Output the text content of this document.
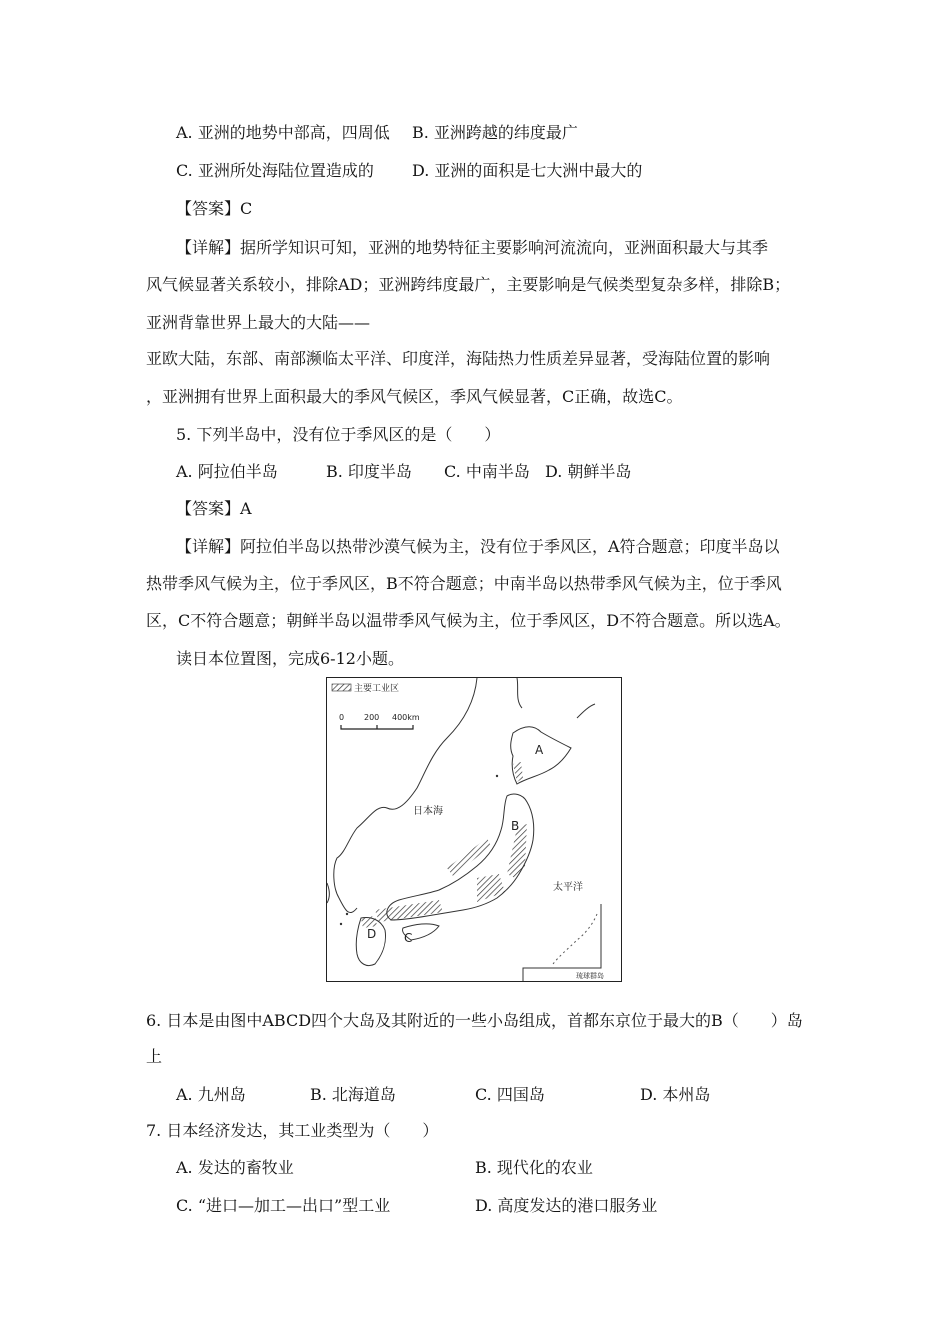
A. 亚洲的地势中部高，四周低 B. 亚洲跨越的纬度最广
C. 亚洲所处海陆位置造成的 D. 亚洲的面积是七大洲中最大的
【答案】C
【详解】据所学知识可知，亚洲的地势特征主要影响河流流向，亚洲面积最大与其季
风气候显著关系较小，排除AD；亚洲跨纬度最广，主要影响是气候类型复杂多样，排除B；
亚洲背靠世界上最大的大陆——
亚欧大陆，东部、南部濒临太平洋、印度洋，海陆热力性质差异显著，受海陆位置的影响
，亚洲拥有世界上面积最大的季风气候区，季风气候显著，C正确，故选C。
5. 下列半岛中，没有位于季风区的是（　　）
A. 阿拉伯半岛	B. 印度半岛 C. 中南半岛 D. 朝鲜半岛
【答案】A
【详解】阿拉伯半岛以热带沙漠气候为主，没有位于季风区，A符合题意；印度半岛以
热带季风气候为主，位于季风区，B不符合题意；中南半岛以热带季风气候为主，位于季风
区，C不符合题意；朝鲜半岛以温带季风气候为主，位于季风区，D不符合题意。所以选A。
读日本位置图，完成6-12小题。
主要工业区
0 200 400km
琉球群岛
日本海
太平洋
A
B
C
D
6. 日本是由图中ABCD四个大岛及其附近的一些小岛组成，首都东京位于最大的B（　　）岛
上
A. 九州岛	B. 北海道岛	C. 四国岛	D. 本州岛
7. 日本经济发达，其工业类型为（　　）
A. 发达的畜牧业	B. 现代化的农业
C. “进口—加工—出口”型工业	D. 高度发达的港口服务业
